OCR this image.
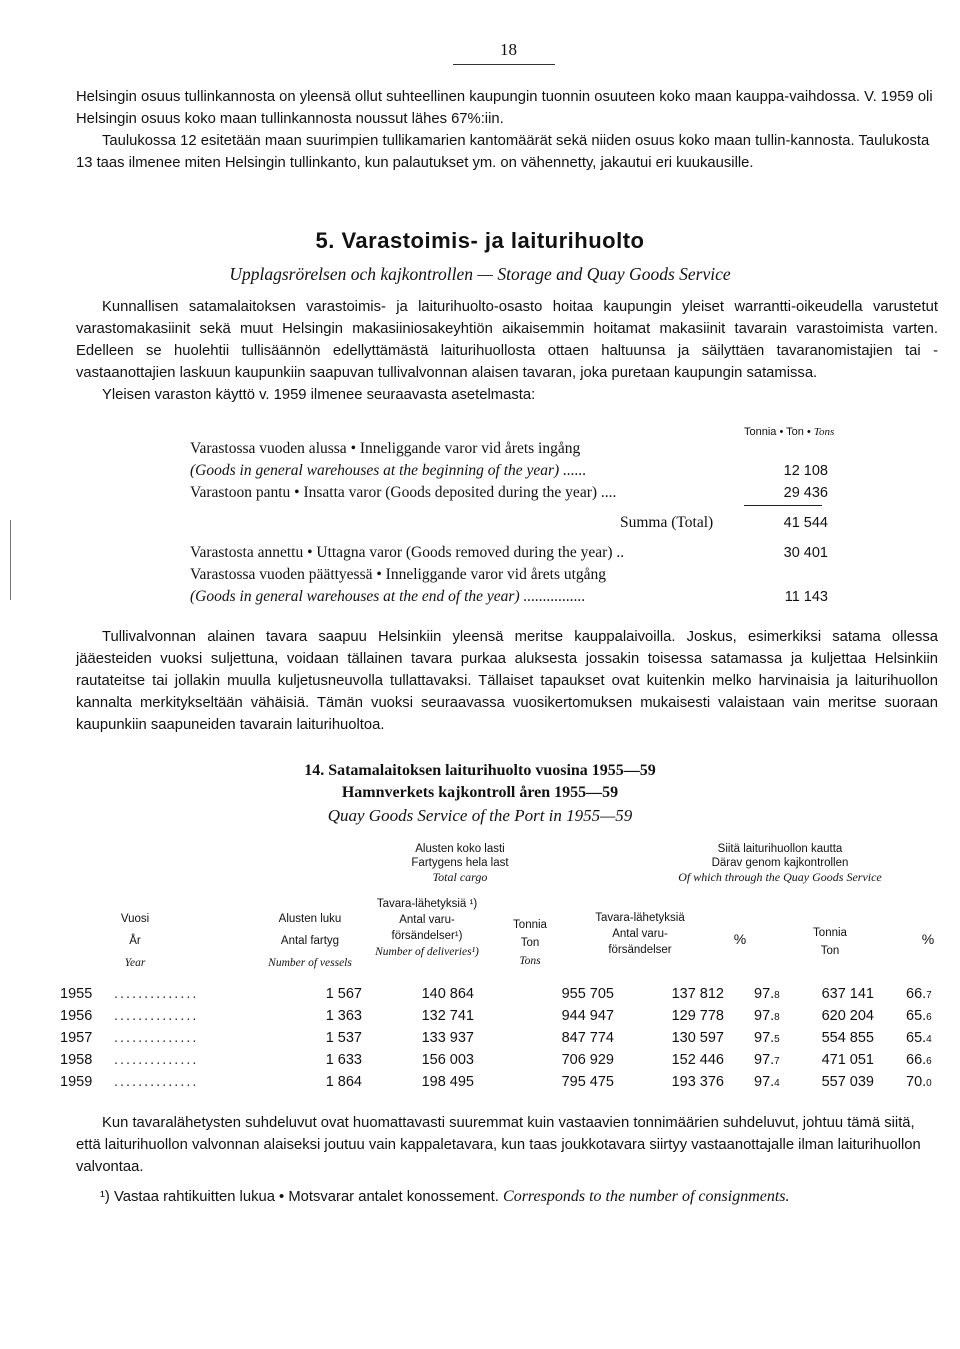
18

Helsingin osuus tullinkannosta on yleensä ollut suhteellinen kaupungin tuonnin osuuteen koko maan kauppa-vaihdossa. V. 1959 oli Helsingin osuus koko maan tullinkannosta noussut lähes 67%:iin.

Taulukossa 12 esitetään maan suurimpien tullikamarien kantomäärät sekä niiden osuus koko maan tullin-kannosta. Taulukosta 13 taas ilmenee miten Helsingin tullinkanto, kun palautukset ym. on vähennetty, jakautui eri kuukausille.

5. Varastoimis- ja laiturihuolto
Upplagsrörelsen och kajkontrollen — Storage and Quay Goods Service

Kunnallisen satamalaitoksen varastoimis- ja laiturihuolto-osasto hoitaa kaupungin yleiset warrantti-oikeudella varustetut varastomakasiinit sekä muut Helsingin makasiiniosakeyhtiön aikaisemmin hoitamat makasiinit tavarain varastoimista varten. Edelleen se huolehtii tullisäännön edellyttämästä laiturihuollosta ottaen haltuunsa ja säilyttäen tavaranomistajien tai -vastaanottajien laskuun kaupunkiin saapuvan tullivalvonnan alaisen tavaran, joka puretaan kaupungin satamissa.

Yleisen varaston käyttö v. 1959 ilmenee seuraavasta asetelmasta:

Tonnia • Ton • Tons
Varastossa vuoden alussa • Inneliggande varor vid årets ingång
(Goods in general warehouses at the beginning of the year) ......	12 108
Varastoon pantu • Insatta varor (Goods deposited during the year) ....	29 436
Summa (Total)	41 544
Varastosta annettu • Uttagna varor (Goods removed during the year) ..	30 401
Varastossa vuoden päättyessä • Inneliggande varor vid årets utgång
(Goods in general warehouses at the end of the year) ................	11 143

Tullivalvonnan alainen tavara saapuu Helsinkiin yleensä meritse kauppalaivoilla. Joskus, esimerkiksi satama ollessa jääesteiden vuoksi suljettuna, voidaan tällainen tavara purkaa aluksesta jossakin toisessa satamassa ja kuljettaa Helsinkiin rautateitse tai jollakin muulla kuljetusneuvolla tullattavaksi. Tällaiset tapaukset ovat kuitenkin melko harvinaisia ja laiturihuollon kannalta merkitykseltään vähäisiä. Tämän vuoksi seuraavassa vuosikertomuksen mukaisesti valaistaan vain meritse suoraan kaupunkiin saapuneiden tavarain laiturihuoltoa.

14. Satamalaitoksen laiturihuolto vuosina 1955—59
Hamnverkets kajkontroll åren 1955—59
Quay Goods Service of the Port in 1955—59
Alusten koko lasti
Fartygens hela last
Total cargo
Siitä laiturihuollon kautta
Därav genom kajkontrollen
Of which through the Quay Goods Service
Vuosi
År
Year
Alusten luku
Antal fartyg
Number of vessels
Tavara-lähetyksiä ¹)
Antal varu-försändelser¹)
Number of deliveries¹)
Tonnia
Ton
Tons
Tavara-lähetyksiä
Antal varu-försändelser
%	Tonnia
Ton
%
1955 ..............	1 567	140 864	955 705	137 812 97.8	637 141 66.7
1956 ..............	1 363	132 741	944 947	129 778 97.8	620 204 65.6
1957 ..............	1 537	133 937	847 774	130 597 97.5	554 855 65.4
1958 ..............	1 633	156 003	706 929	152 446 97.7	471 051 66.6
1959 ..............	1 864	198 495	795 475	193 376 97.4	557 039 70.0

Kun tavaralähetysten suhdeluvut ovat huomattavasti suuremmat kuin vastaavien tonnimäärien suhdeluvut, johtuu tämä siitä, että laiturihuollon valvonnan alaiseksi joutuu vain kappaletavara, kun taas joukkotavara siirtyy vastaanottajalle ilman laiturihuollon valvontaa.

¹) Vastaa rahtikuitten lukua • Motsvarar antalet konossement. Corresponds to the number of consignments.
